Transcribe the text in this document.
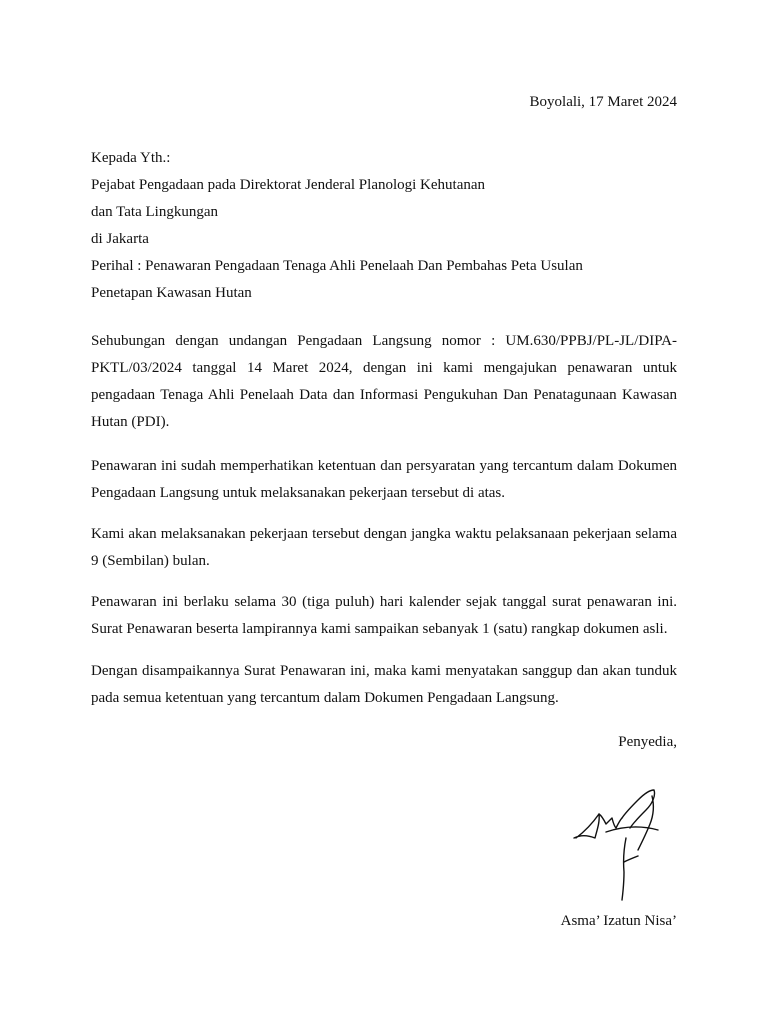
Boyolali, 17 Maret 2024
Kepada Yth.:
Pejabat Pengadaan pada Direktorat Jenderal Planologi Kehutanan
dan Tata Lingkungan
di Jakarta
Perihal : Penawaran Pengadaan Tenaga Ahli Penelaah Dan Pembahas Peta Usulan
Penetapan Kawasan Hutan

Sehubungan dengan undangan Pengadaan Langsung nomor : UM.630/PPBJ/PL-JL/DIPA-PKTL/03/2024 tanggal 14 Maret 2024, dengan ini kami mengajukan penawaran untuk pengadaan Tenaga Ahli Penelaah Data dan Informasi Pengukuhan Dan Penatagunaan Kawasan Hutan (PDI).

Penawaran ini sudah memperhatikan ketentuan dan persyaratan yang tercantum dalam Dokumen Pengadaan Langsung untuk melaksanakan pekerjaan tersebut di atas.

Kami akan melaksanakan pekerjaan tersebut dengan jangka waktu pelaksanaan pekerjaan selama 9 (Sembilan) bulan.

Penawaran ini berlaku selama 30 (tiga puluh) hari kalender sejak tanggal surat penawaran ini. Surat Penawaran beserta lampirannya kami sampaikan sebanyak 1 (satu) rangkap dokumen asli.

Dengan disampaikannya Surat Penawaran ini, maka kami menyatakan sanggup dan akan tunduk pada semua ketentuan yang tercantum dalam Dokumen Pengadaan Langsung.

Penyedia,
Asma’ Izatun Nisa’
